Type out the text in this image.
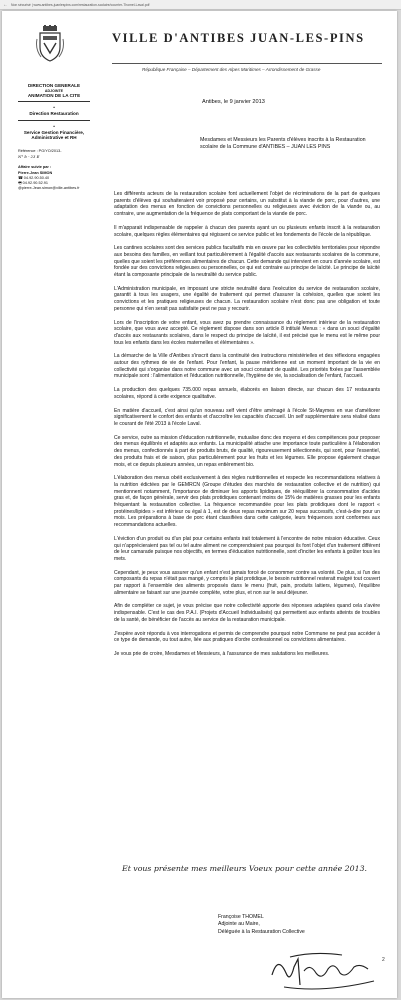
← Non sécurisé | www.antibes-juanlespins.com/restauration-scolaire/courrier-Thomel-Laval.pdf
VILLE D'ANTIBES JUAN-LES-PINS
République Française – Département des Alpes Maritimes – Arrondissement de Grasse
DIRECTION GENERALE
ADJOINTE
ANIMATION DE LA CITE
•
Direction Restauration
•
Service Gestion Financière, Administrative et RH
Référence : PG/YO/2013-
N° b - 23 E
Affaire suivie par :
Pierre-Jean SIMON
☎ 04.92.90.50.40
🖷 04.92.90.52.91
@pierre-Jean.simon@ville-antibes.fr
Antibes, le 9 janvier 2013
Mesdames et Messieurs les Parents d'élèves inscrits à la Restauration scolaire de la Commune d'ANTIBES – JUAN LES PINS

Les différents acteurs de la restauration scolaire font actuellement l'objet de récriminations de la part de quelques parents d'élèves qui souhaiteraient voir proposé pour certains, un substitut à la viande de porc, pour d'autres, une adaptation des menus en fonction de convictions personnelles ou religieuses avec éviction de la viande ou, au contraire, une augmentation de la fréquence de plats comportant de la viande de porc.

Il m'apparait indispensable de rappeler à chacun des parents ayant un ou plusieurs enfants inscrit à la restauration scolaire, quelques règles élémentaires qui régissent ce service public et les fondements de l'école de la république.

Les cantines scolaires sont des services publics facultatifs mis en œuvre par les collectivités territoriales pour répondre aux besoins des familles, en veillant tout particulièrement à l'égalité d'accès aux restaurants scolaires de la commune, quelles que soient les préférences alimentaires de chacun. Cette demande qui intervient en cours d'année scolaire, est fondée sur des convictions religieuses ou personnelles, ce qui est contraire au principe de laïcité. Le principe de laïcité étant la composante principale de la neutralité du service public.

L'Administration municipale, en imposant une stricte neutralité dans l'exécution du service de restauration scolaire, garantit à tous les usagers, une égalité de traitement qui permet d'assurer la cohésion, quelles que soient les convictions et les pratiques religieuses de chacun. La restauration scolaire n'est donc pas une obligation et toute personne qui n'en serait pas satisfaite peut ne pas y recourir.

Lors de l'inscription de votre enfant, vous avez pu prendre connaissance du règlement intérieur de la restauration scolaire, que vous avez accepté. Ce règlement dispose dans son article 8 intitulé Menus : « dans un souci d'égalité d'accès aux restaurants scolaires, dans le respect du principe de laïcité, il est précisé que le menu est le même pour tous les enfants dans les écoles maternelles et élémentaires ».

La démarche de la Ville d'Antibes s'inscrit dans la continuité des instructions ministérielles et des réflexions engagées autour des rythmes de vie de l'enfant. Pour l'enfant, la pause méridienne est un moment important de la vie en collectivité qui s'organise dans notre commune avec un souci constant de qualité. Les priorités fixées par l'assemblée municipale sont : l'alimentation et l'éducation nutritionnelle, l'hygiène de vie, la socialisation de l'enfant, l'accueil.

La production des quelques 735.000 repas annuels, élaborés en liaison directe, sur chacun des 17 restaurants scolaires, répond à cette exigence qualitative.

En matière d'accueil, c'est ainsi qu'un nouveau self vient d'être aménagé à l'école St-Maymes en vue d'améliorer significativement le confort des enfants et d'accroître les capacités d'accueil. Un self supplémentaire sera réalisé dans le courant de l'été 2013 à l'école Laval.

Ce service, outre sa mission d'éducation nutritionnelle, mutualise donc des moyens et des compétences pour proposer des menus équilibrés et adaptés aux enfants. La municipalité attache une importance toute particulière à l'élaboration des menus, confectionnés à part de produits bruts, de qualité, rigoureusement sélectionnés, qui sont, pour l'essentiel, des produits frais et de saison, plus particulièrement pour les fruits et les légumes. Elle propose également chaque mois, et ce depuis plusieurs années, un repas entièrement bio.

L'élaboration des menus obéit exclusivement à des règles nutritionnelles et respecte les recommandations relatives à la nutrition édictées par le GEMRCN (Groupe d'études des marchés de restauration collective et de nutrition) qui mentionnent notamment, l'importance de diminuer les apports lipidiques, de rééquilibrer la consommation d'acides gras et, de façon générale, servir des plats protidiques contenant moins de 15% de matières grasses pour les enfants fréquentant la restauration collective. La fréquence recommandée pour les plats protidiques dont le rapport « protéines/lipides » est inférieur ou égal à 1, est de deux repas maximum sur 20 repas successifs, c'est-à-dire pour un mois. Les préparations à base de porc étant classifiées dans cette catégorie, leurs fréquences sont conformes aux recommandations actuelles.

L'éviction d'un produit ou d'un plat pour certains enfants irait totalement à l'encontre de notre mission éducative. Ceux qui n'apprécieraient pas tel ou tel autre aliment ne comprendraient pas pourquoi ils font l'objet d'un traitement différent de leur camarade puisque nos objectifs, en termes d'éducation nutritionnelle, sont d'inciter les enfants à goûter tous les mets.

Cependant, je peux vous assurer qu'un enfant n'est jamais forcé de consommer contre sa volonté. De plus, si l'un des composants du repas n'était pas mangé, y compris le plat protidique, le besoin nutritionnel resterait malgré tout couvert par rapport à l'ensemble des aliments proposés dans le menu (fruit, pain, produits laitiers, légumes), l'équilibre alimentaire se faisant sur une journée complète, votre plus, et non sur le seul déjeuner.

Afin de compléter ce sujet, je vous précise que notre collectivité apporte des réponses adaptées quand cela s'avère indispensable. C'est le cas des P.A.I. (Projets d'Accueil Individualisés) qui permettent aux enfants atteints de troubles de la santé, de bénéficier de l'accès au service de la restauration municipale.

J'espère avoir répondu à vos interrogations et permis de comprendre pourquoi notre Commune ne peut pas accéder à ce type de demande, ou tout autre, liée aux pratiques d'ordre confessionnel ou convictions alimentaires.

Je vous prie de croire, Mesdames et Messieurs, à l'assurance de mes salutations les meilleures.

Et vous présente mes meilleurs Voeux pour cette année 2013.
Françoise THOMEL
Adjointe au Maire,
Déléguée à la Restauration Collective
2
